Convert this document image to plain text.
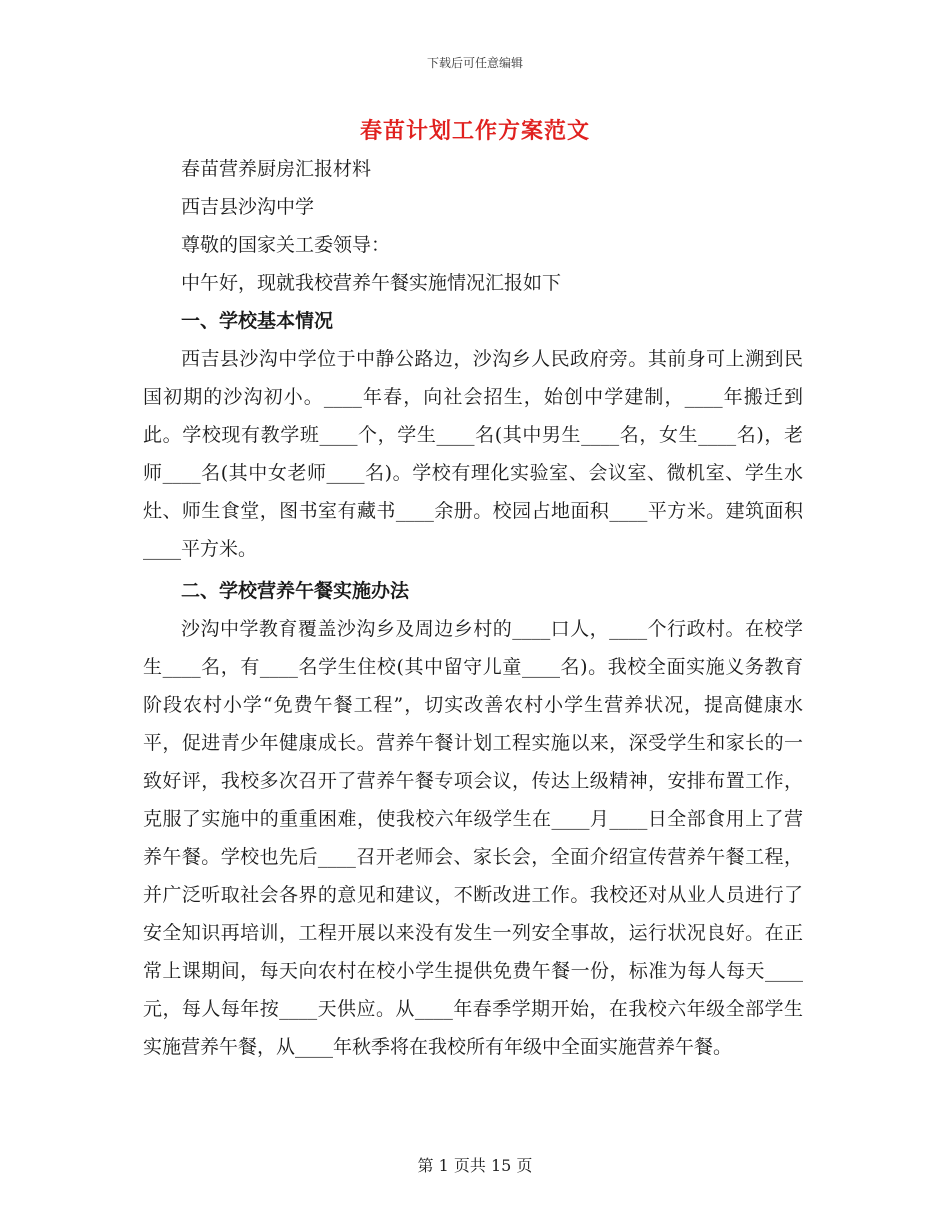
下载后可任意编辑
春苗计划工作方案范文

春苗营养厨房汇报材料

西吉县沙沟中学

尊敬的国家关工委领导：

中午好，现就我校营养午餐实施情况汇报如下

一、学校基本情况

西吉县沙沟中学位于中静公路边，沙沟乡人民政府旁。其前身可上溯到民国初期的沙沟初小。____年春，向社会招生，始创中学建制，____年搬迁到此。学校现有教学班____个，学生____名(其中男生____名，女生____名)，老师____名(其中女老师____名)。学校有理化实验室、会议室、微机室、学生水灶、师生食堂，图书室有藏书____余册。校园占地面积____平方米。建筑面积____平方米。

二、学校营养午餐实施办法

沙沟中学教育覆盖沙沟乡及周边乡村的____口人，____个行政村。在校学生____名，有____名学生住校(其中留守儿童____名)。我校全面实施义务教育阶段农村小学“免费午餐工程”，切实改善农村小学生营养状况，提高健康水平，促进青少年健康成长。营养午餐计划工程实施以来，深受学生和家长的一致好评，我校多次召开了营养午餐专项会议，传达上级精神，安排布置工作，克服了实施中的重重困难，使我校六年级学生在____月____日全部食用上了营养午餐。学校也先后____召开老师会、家长会，全面介绍宣传营养午餐工程，并广泛听取社会各界的意见和建议，不断改进工作。我校还对从业人员进行了安全知识再培训，工程开展以来没有发生一列安全事故，运行状况良好。在正常上课期间，每天向农村在校小学生提供免费午餐一份，标准为每人每天____元，每人每年按____天供应。从____年春季学期开始，在我校六年级全部学生实施营养午餐，从____年秋季将在我校所有年级中全面实施营养午餐。

第 1 页共 15 页
